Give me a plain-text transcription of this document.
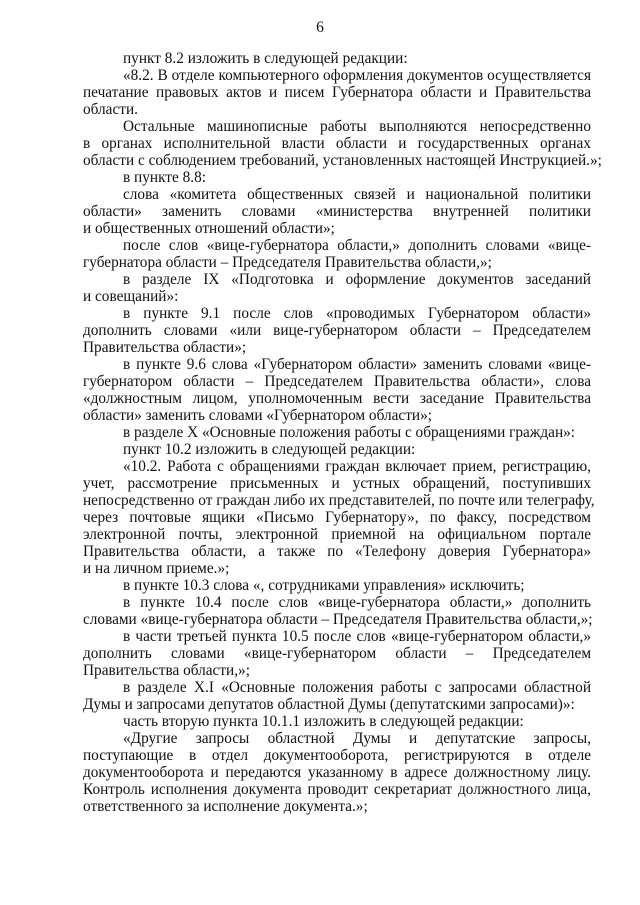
6
пункт 8.2 изложить в следующей редакции:
«8.2. В отделе компьютерного оформления документов осуществляется
печатание правовых актов и писем Губернатора области и Правительства
области.
Остальные машинописные работы выполняются непосредственно
в органах исполнительной власти области и государственных органах
области с соблюдением требований, установленных настоящей Инструкцией.»;
в пункте 8.8:
слова «комитета общественных связей и национальной политики
области» заменить словами «министерства внутренней политики
и общественных отношений области»;
после слов «вице-губернатора области,» дополнить словами «вице-
губернатора области – Председателя Правительства области,»;
в разделе IX «Подготовка и оформление документов заседаний
и совещаний»:
в пункте 9.1 после слов «проводимых Губернатором области»
дополнить словами «или вице-губернатором области – Председателем
Правительства области»;
в пункте 9.6 слова «Губернатором области» заменить словами «вице-
губернатором области – Председателем Правительства области», слова
«должностным лицом, уполномоченным вести заседание Правительства
области» заменить словами «Губернатором области»;
в разделе X «Основные положения работы с обращениями граждан»:
пункт 10.2 изложить в следующей редакции:
«10.2. Работа с обращениями граждан включает прием, регистрацию,
учет, рассмотрение присьменных и устных обращений, поступивших
непосредственно от граждан либо их представителей, по почте или телеграфу,
через почтовые ящики «Письмо Губернатору», по факсу, посредством
электронной почты, электронной приемной на официальном портале
Правительства области, а также по «Телефону доверия Губернатора»
и на личном приеме.»;
в пункте 10.3 слова «, сотрудниками управления» исключить;
в пункте 10.4 после слов «вице-губернатора области,» дополнить
словами «вице-губернатора области – Председателя Правительства области,»;
в части третьей пункта 10.5 после слов «вице-губернатором области,»
дополнить словами «вице-губернатором области – Председателем
Правительства области,»;
в разделе X.I «Основные положения работы с запросами областной
Думы и запросами депутатов областной Думы (депутатскими запросами)»:
часть вторую пункта 10.1.1 изложить в следующей редакции:
«Другие запросы областной Думы и депутатские запросы,
поступающие в отдел документооборота, регистрируются в отделе
документооборота и передаются указанному в адресе должностному лицу.
Контроль исполнения документа проводит секретариат должностного лица,
ответственного за исполнение документа.»;
